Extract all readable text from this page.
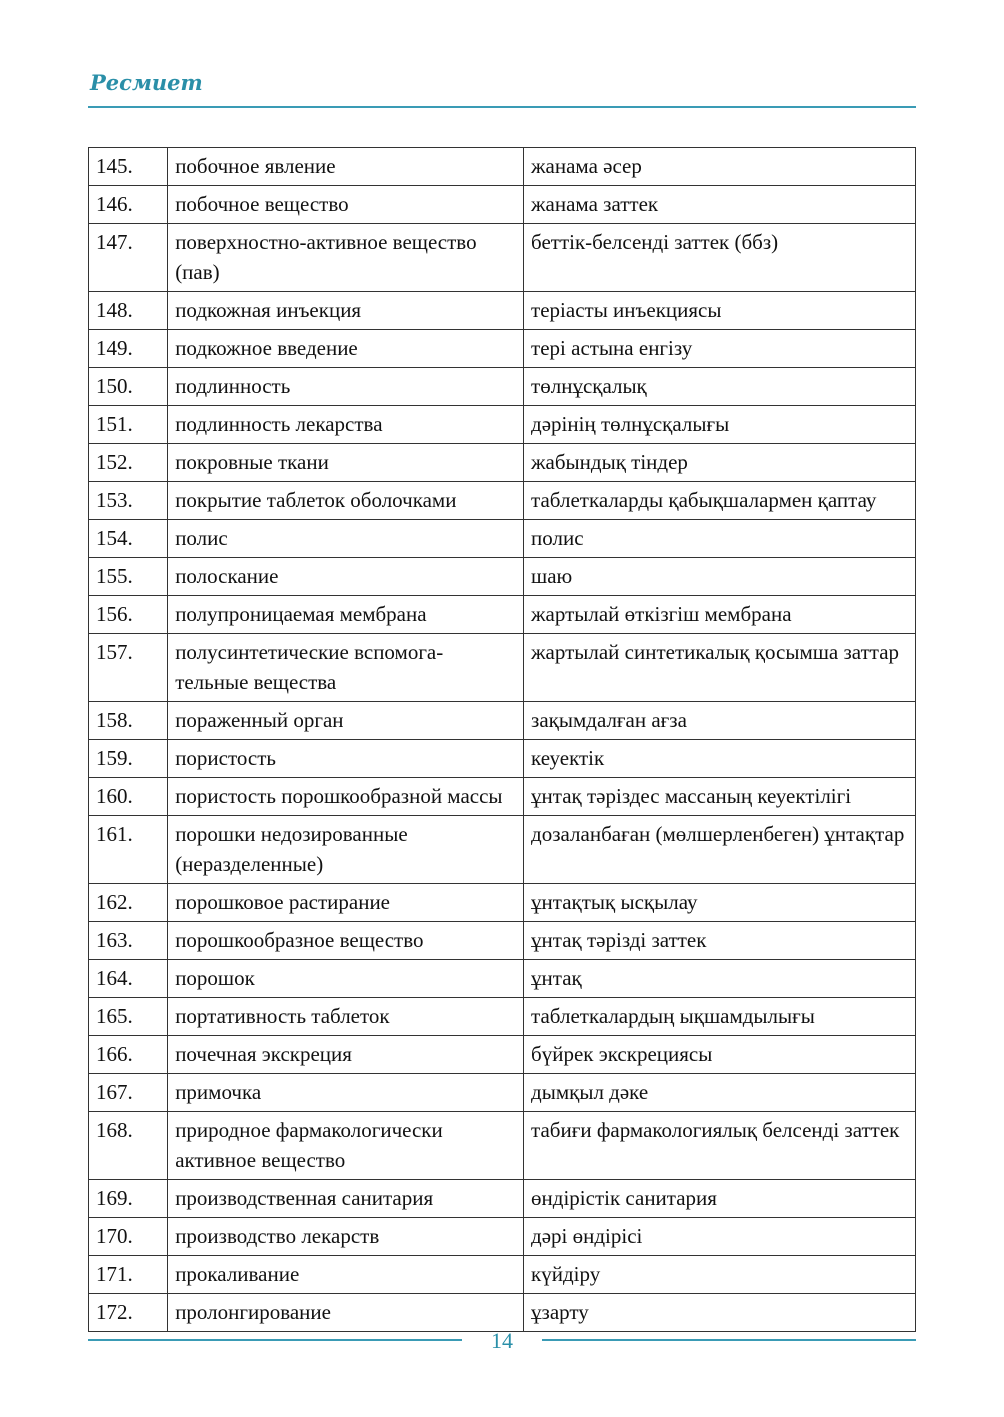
Ресмиет
145.	побочное явление	жанама әсер
146.	побочное вещество	жанама заттек
147.	поверхностно-активное вещество (пав)	беттік-белсенді заттек (ббз)
148.	подкожная инъекция	теріасты инъекциясы
149.	подкожное введение	тері астына енгізу
150.	подлинность	төлнұсқалық
151.	подлинность лекарства	дәрінің төлнұсқалығы
152.	покровные ткани	жабындық тіндер
153.	покрытие таблеток оболочками	таблеткаларды қабықшалармен қаптау
154.	полис	полис
155.	полоскание	шаю
156.	полупроницаемая мембрана	жартылай өткізгіш мембрана
157.	полусинтетические вспомога-тельные вещества	жартылай синтетикалық қосымша заттар
158.	пораженный орган	зақымдалған ағза
159.	пористость	кеуектік
160.	пористость порошкообразной массы	ұнтақ тәріздес массаның кеуектілігі
161.	порошки недозированные (неразделенные)	дозаланбаған (мөлшерленбеген) ұнтақтар
162.	порошковое растирание	ұнтақтық ысқылау
163.	порошкообразное вещество	ұнтақ тәрізді заттек
164.	порошок	ұнтақ
165.	портативность таблеток	таблеткалардың ықшамдылығы
166.	почечная экскреция	бүйрек экскрециясы
167.	примочка	дымқыл дәке
168.	природное фармакологически активное вещество	табиғи фармакологиялық белсенді заттек
169.	производственная санитария	өндірістік санитария
170.	производство лекарств	дәрі өндірісі
171.	прокаливание	күйдіру
172.	пролонгирование	ұзарту
14
